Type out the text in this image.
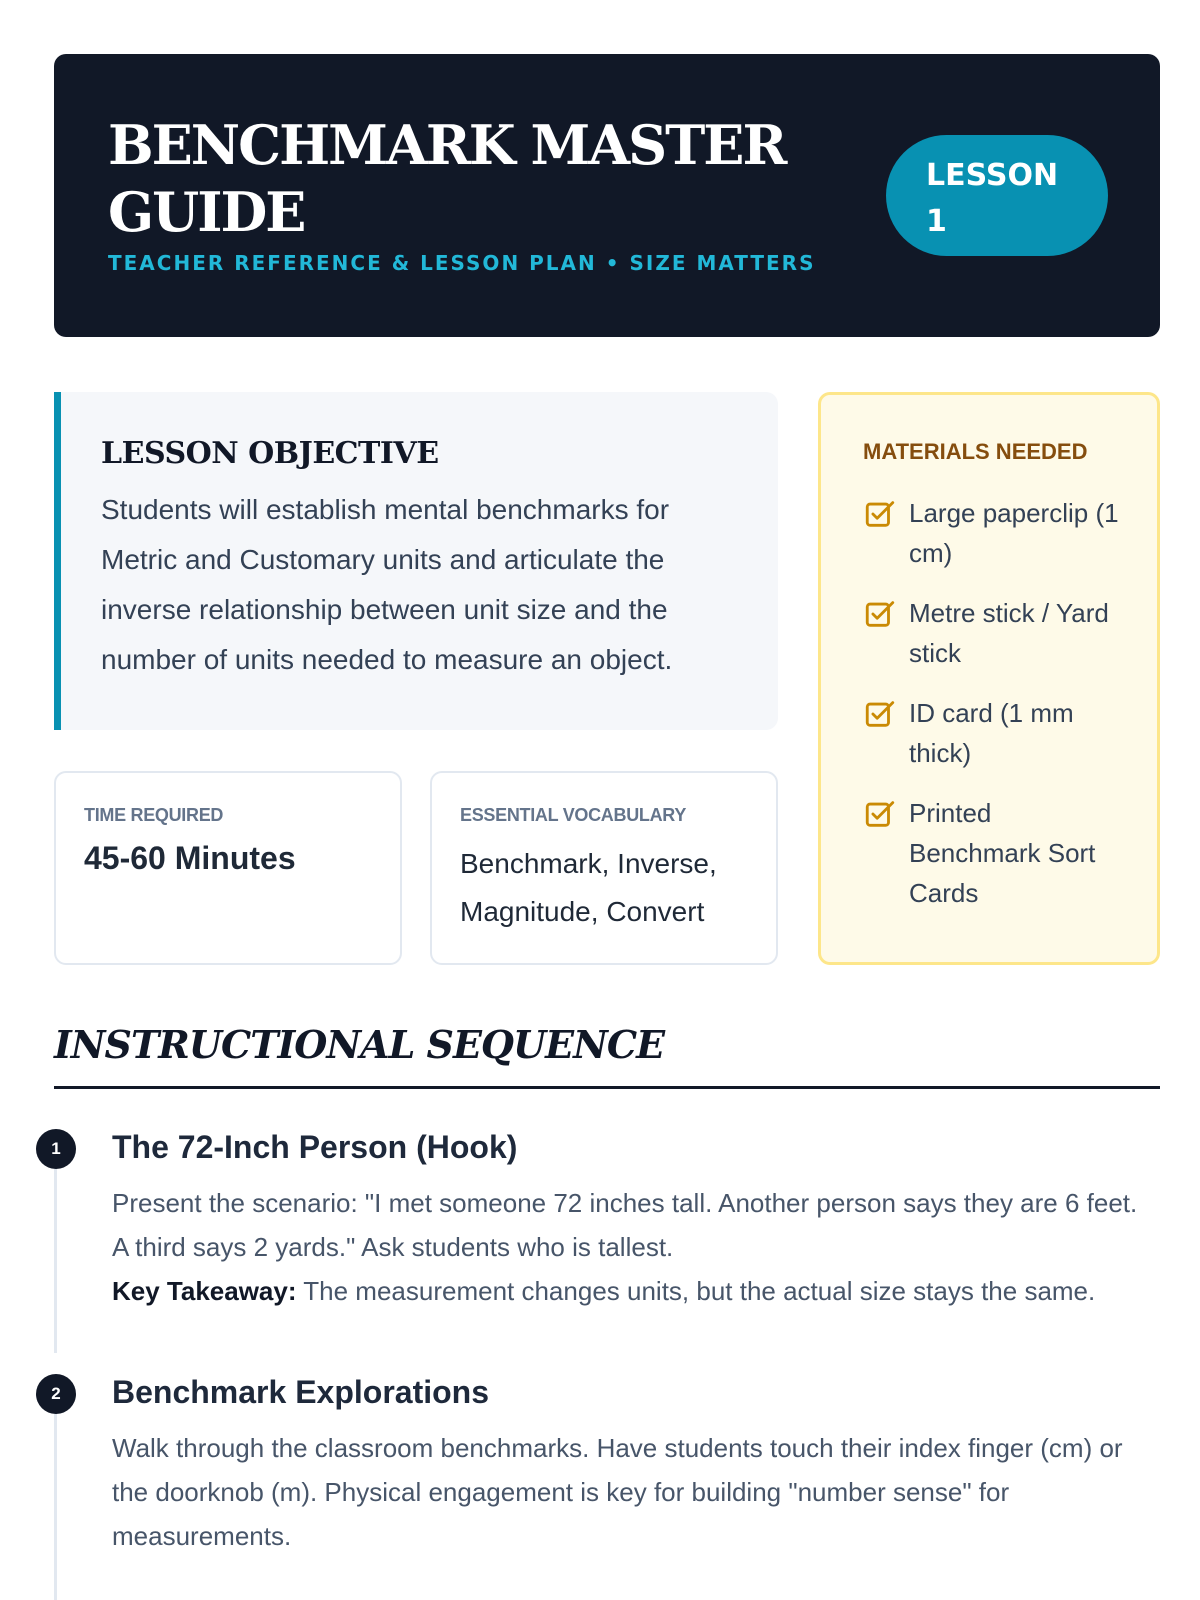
BENCHMARK MASTER GUIDE
TEACHER REFERENCE & LESSON PLAN • SIZE MATTERS
LESSON
1
LESSON OBJECTIVE

Students will establish mental benchmarks for Metric and Customary units and articulate the inverse relationship between unit size and the number of units needed to measure an object.

TIME REQUIRED
45-60 Minutes
ESSENTIAL VOCABULARY
Benchmark, Inverse, Magnitude, Convert
MATERIALS NEEDED
Large paperclip (1 cm)
Metre stick / Yard stick
ID card (1 mm thick)
Printed Benchmark Sort Cards
INSTRUCTIONAL SEQUENCE
1	The 72-Inch Person (Hook)
Present the scenario: "I met someone 72 inches tall. Another person says they are 6 feet. A third says 2 yards." Ask students who is tallest.
Key Takeaway: The measurement changes units, but the actual size stays the same.
2	Benchmark Explorations
Walk through the classroom benchmarks. Have students touch their index finger (cm) or the doorknob (m). Physical engagement is key for building "number sense" for measurements.
